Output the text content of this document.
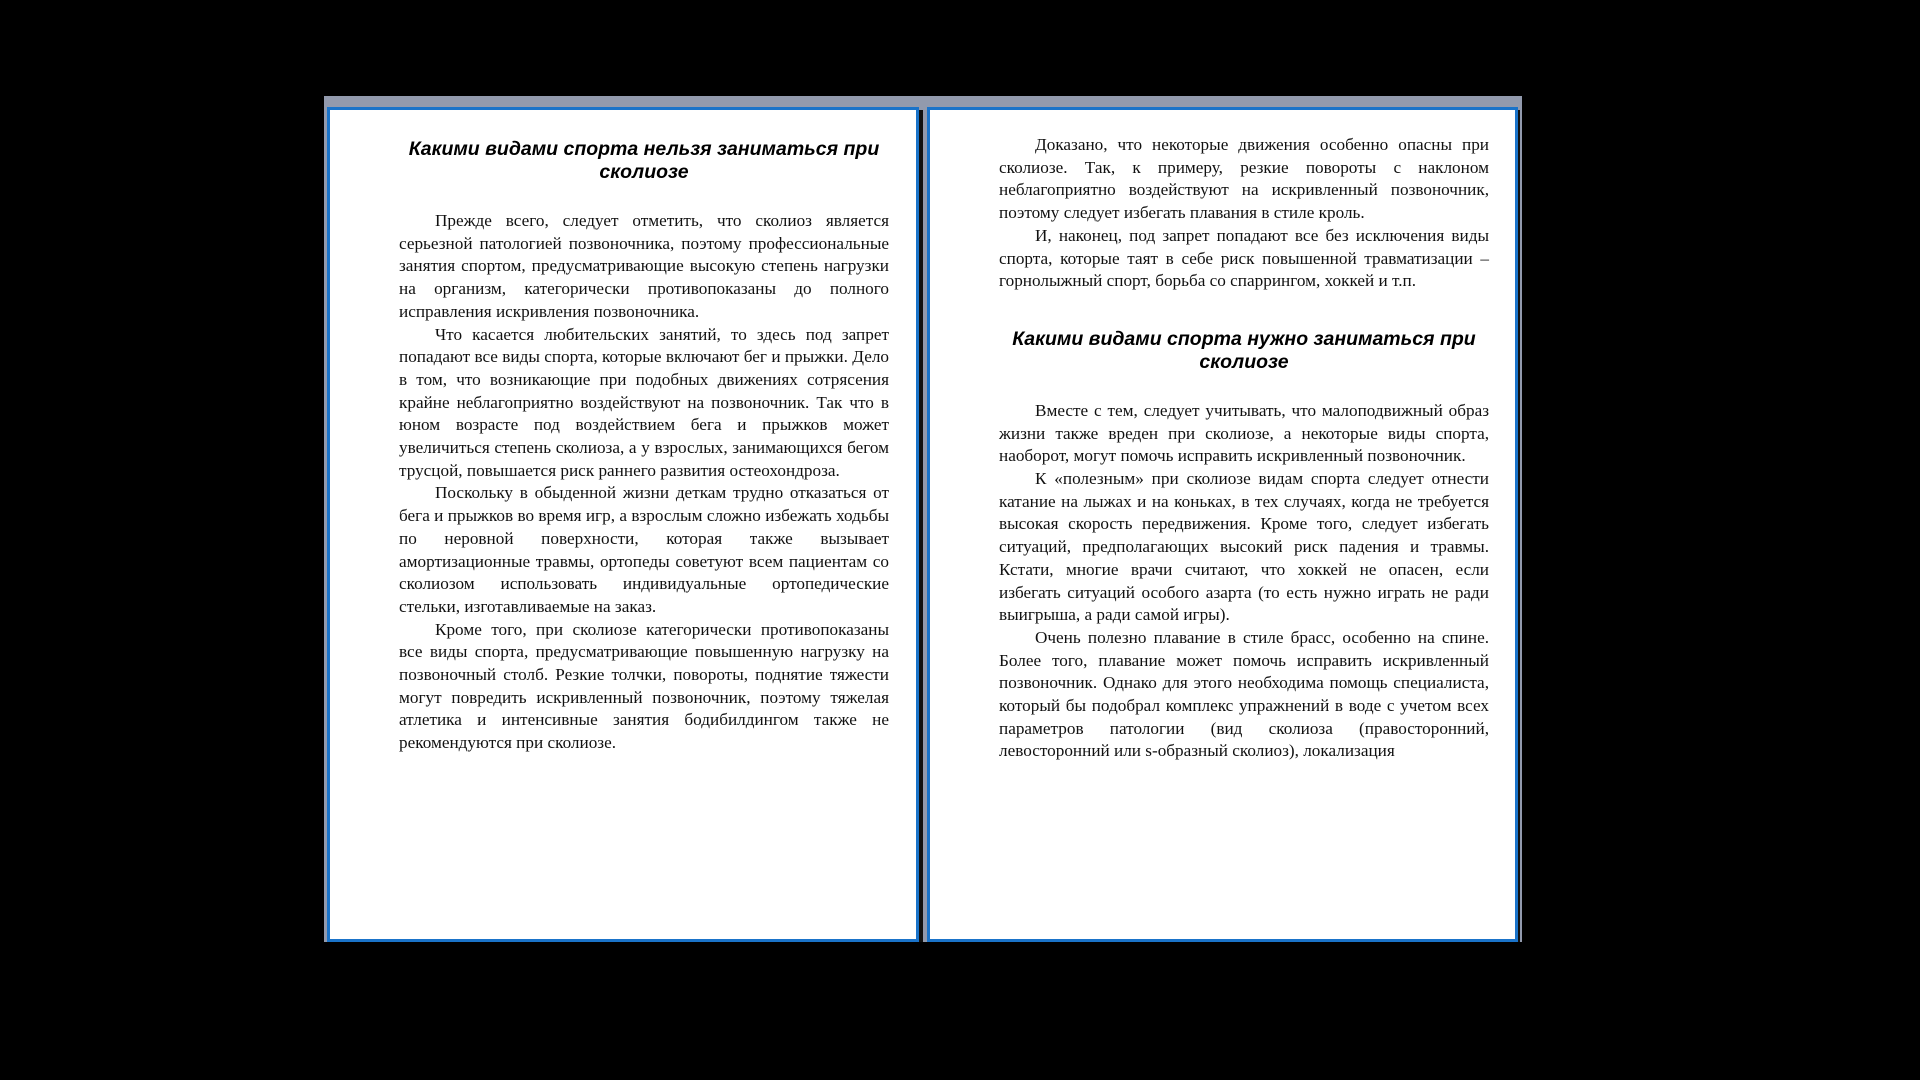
Какими видами спорта нельзя заниматься при сколиозе

Прежде всего, следует отметить, что сколиоз является серьезной патологией позвоночника, поэтому профессиональные занятия спортом, предусматривающие высокую степень нагрузки на организм, категорически противопоказаны до полного исправления искривления позвоночника.

Что касается любительских занятий, то здесь под запрет попадают все виды спорта, которые включают бег и прыжки. Дело в том, что возникающие при подобных движениях сотрясения крайне неблагоприятно воздействуют на позвоночник. Так что в юном возрасте под воздействием бега и прыжков может увеличиться степень сколиоза, а у взрослых, занимающихся бегом трусцой, повышается риск раннего развития остеохондроза.

Поскольку в обыденной жизни деткам трудно отказаться от бега и прыжков во время игр, а взрослым сложно избежать ходьбы по неровной поверхности, которая также вызывает амортизационные травмы, ортопеды советуют всем пациентам со сколиозом использовать индивидуальные ортопедические стельки, изготавливаемые на заказ.

Кроме того, при сколиозе категорически противопоказаны все виды спорта, предусматривающие повышенную нагрузку на позвоночный столб. Резкие толчки, повороты, поднятие тяжести могут повредить искривленный позвоночник, поэтому тяжелая атлетика и интенсивные занятия бодибилдингом также не рекомендуются при сколиозе.

Доказано, что некоторые движения особенно опасны при сколиозе. Так, к примеру, резкие повороты с наклоном неблагоприятно воздействуют на искривленный позвоночник, поэтому следует избегать плавания в стиле кроль.

И, наконец, под запрет попадают все без исключения виды спорта, которые таят в себе риск повышенной травматизации – горнолыжный спорт, борьба со спаррингом, хоккей и т.п.

Какими видами спорта нужно заниматься при сколиозе

Вместе с тем, следует учитывать, что малоподвижный образ жизни также вреден при сколиозе, а некоторые виды спорта, наоборот, могут помочь исправить искривленный позвоночник.

К «полезным» при сколиозе видам спорта следует отнести катание на лыжах и на коньках, в тех случаях, когда не требуется высокая скорость передвижения. Кроме того, следует избегать ситуаций, предполагающих высокий риск падения и травмы. Кстати, многие врачи считают, что хоккей не опасен, если избегать ситуаций особого азарта (то есть нужно играть не ради выигрыша, а ради самой игры).

Очень полезно плавание в стиле брасс, особенно на спине. Более того, плавание может помочь исправить искривленный позвоночник. Однако для этого необходима помощь специалиста, который бы подобрал комплекс упражнений в воде с учетом всех параметров патологии (вид сколиоза (правосторонний, левосторонний или s-образный сколиоз), локализация
